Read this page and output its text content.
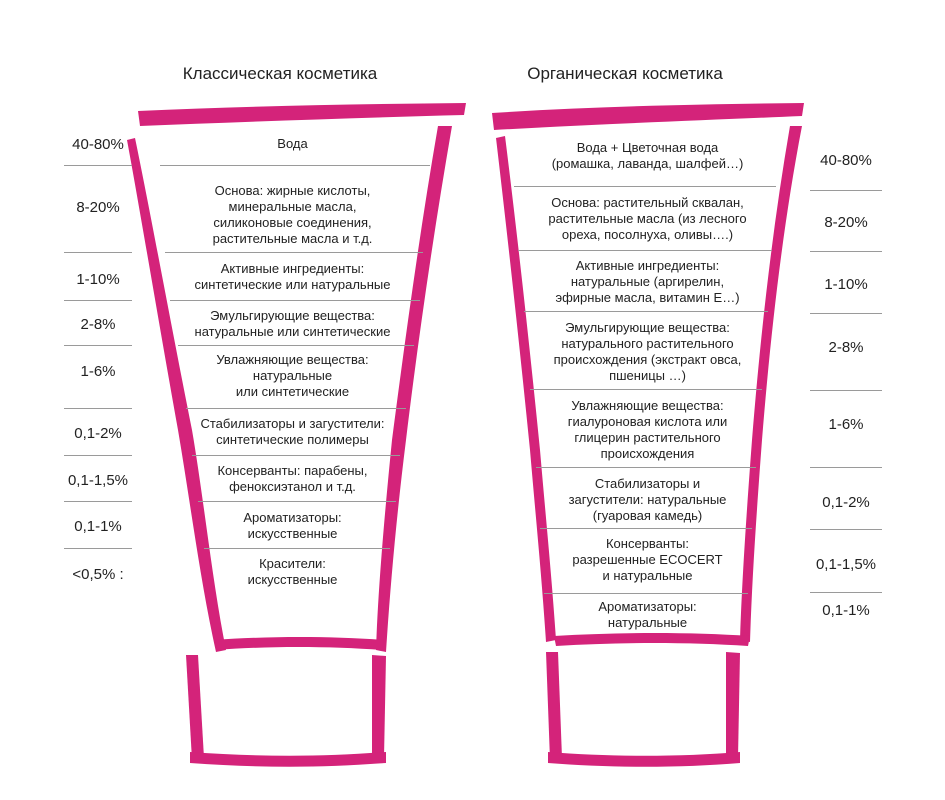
Классическая косметика	Органическая косметика
40-80%
8-20%
1-10%
2-8%
1-6%
0,1-2%
0,1-1,5%
0,1-1%
<0,5% :
Вода
Основа: жирные кислоты,
минеральные масла,
силиконовые соединения,
растительные масла и т.д.
Активные ингредиенты:
синтетические или натуральные
Эмульгирующие вещества:
натуральные или синтетические
Увлажняющие вещества:
натуральные
или синтетические
Стабилизаторы и загустители:
синтетические полимеры
Консерванты: парабены,
феноксиэтанол и т.д.
Ароматизаторы:
искусственные
Красители:
искусственные
Вода + Цветочная вода
(ромашка, лаванда, шалфей…)
Основа: растительный сквалан,
растительные масла (из лесного
ореха, посолнуха, оливы….)
Активные ингредиенты:
натуральные (аргирелин,
эфирные масла, витамин Е…)
Эмульгирующие вещества:
натурального растительного
происхождения (экстракт овса,
пшеницы …)
Увлажняющие вещества:
гиалуроновая кислота или
глицерин растительного
происхождения
Стабилизаторы и
загустители: натуральные
(гуаровая камедь)
Консерванты:
разрешенные ECOCERT
и натуральные
Ароматизаторы:
натуральные
40-80%
8-20%
1-10%
2-8%
1-6%
0,1-2%
0,1-1,5%
0,1-1%
